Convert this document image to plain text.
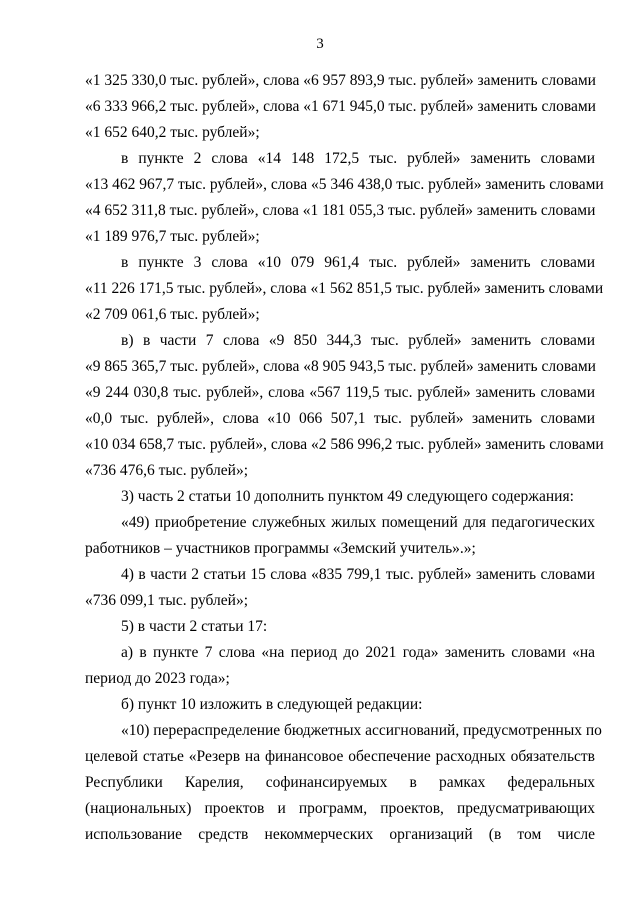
3
«1 325 330,0 тыс. рублей», слова «6 957 893,9 тыс. рублей» заменить словами
«6 333 966,2 тыс. рублей», слова «1 671 945,0 тыс. рублей» заменить словами
«1 652 640,2 тыс. рублей»;
в пункте 2 слова «14 148 172,5 тыс. рублей» заменить словами
«13 462 967,7 тыс. рублей», слова «5 346 438,0 тыс. рублей» заменить словами
«4 652 311,8 тыс. рублей», слова «1 181 055,3 тыс. рублей» заменить словами
«1 189 976,7 тыс. рублей»;
в пункте 3 слова «10 079 961,4 тыс. рублей» заменить словами
«11 226 171,5 тыс. рублей», слова «1 562 851,5 тыс. рублей» заменить словами
«2 709 061,6 тыс. рублей»;
в) в части 7 слова «9 850 344,3 тыс. рублей» заменить словами
«9 865 365,7 тыс. рублей», слова «8 905 943,5 тыс. рублей» заменить словами
«9 244 030,8 тыс. рублей», слова «567 119,5 тыс. рублей» заменить словами
«0,0 тыс. рублей», слова «10 066 507,1 тыс. рублей» заменить словами
«10 034 658,7 тыс. рублей», слова «2 586 996,2 тыс. рублей» заменить словами
«736 476,6 тыс. рублей»;
3) часть 2 статьи 10 дополнить пунктом 49 следующего содержания:
«49) приобретение служебных жилых помещений для педагогических
работников – участников программы «Земский учитель».»;
4) в части 2 статьи 15 слова «835 799,1 тыс. рублей» заменить словами
«736 099,1 тыс. рублей»;
5) в части 2 статьи 17:
а) в пункте 7 слова «на период до 2021 года» заменить словами «на
период до 2023 года»;
б) пункт 10 изложить в следующей редакции:
«10) перераспределение бюджетных ассигнований, предусмотренных по
целевой статье «Резерв на финансовое обеспечение расходных обязательств
Республики Карелия, софинансируемых в рамках федеральных
(национальных) проектов и программ, проектов, предусматривающих
использование средств некоммерческих организаций (в том числе
